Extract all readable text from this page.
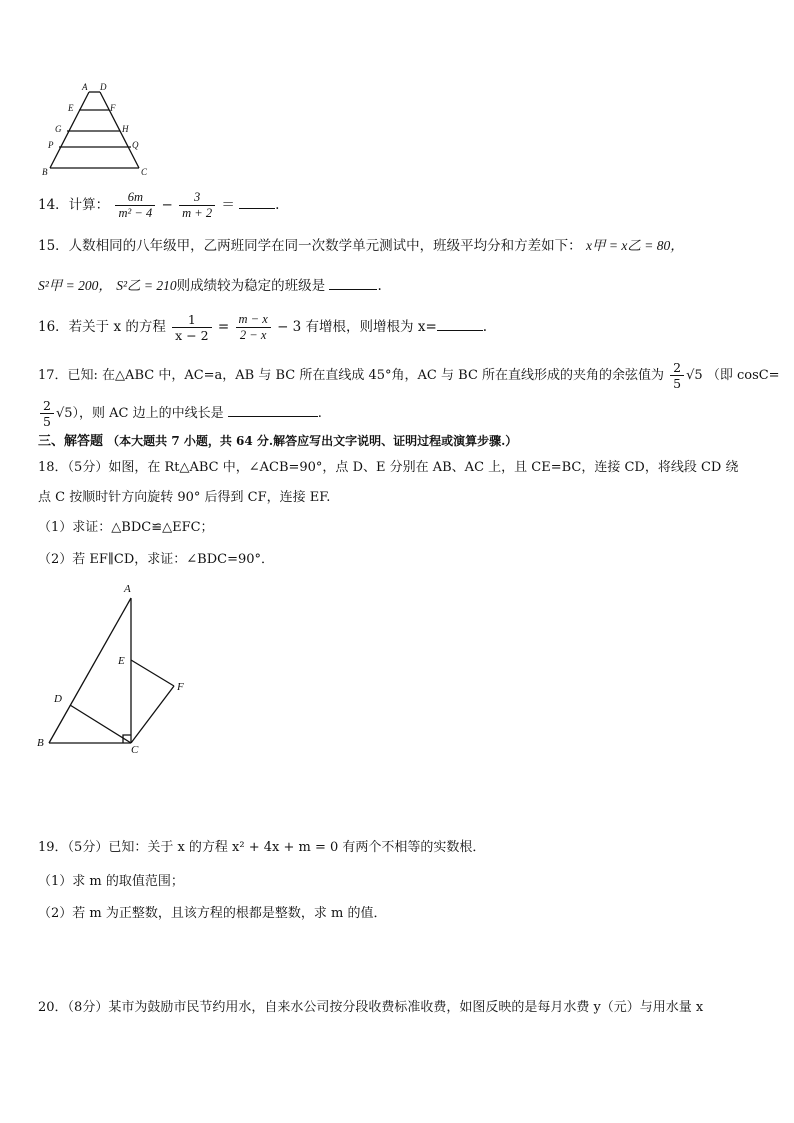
A D
E	F
G	H
P	Q
B	C
14．计算： $\frac{6m}{\text{m² − 4}} - \frac{3}{m + 2}$ ＝	.
15．人数相同的八年级甲，乙两班同学在同一次数学单元测试中，班级平均分和方差如下： x甲 = x乙 = 80，
S²甲 = 200， S²乙 = 210则成绩较为稳定的班级是	.
16．若关于 x 的方程 $\frac{1}{x - 2} = \frac{m - x}{2 - x} - 3$ 有增根，则增根为 x=	.
17．已知: 在△ABC 中，AC=a，AB 与 BC 所在直线成 45°角，AC 与 BC 所在直线形成的夹角的余弦值为 $\frac{2}{5} √5$ （即 cosC=
$\frac{2}{5} √5$），则 AC 边上的中线长是	.
三、解答题 （本大题共 7 小题，共 64 分.解答应写出文字说明、证明过程或演算步骤.）
18．（5分）如图，在 Rt△ABC 中，∠ACB=90°，点 D、E 分别在 AB、AC 上，且 CE=BC，连接 CD，将线段 CD 绕
点 C 按顺时针方向旋转 90° 后得到 CF，连接 EF.
（1）求证：△BDC≌△EFC；
（2）若 EF∥CD，求证：∠BDC=90°．
A
E
F
D
B
C
19．（5分）已知：关于 x 的方程 x² + 4x + m = 0 有两个不相等的实数根．
（1）求 m 的取值范围；
（2）若 m 为正整数，且该方程的根都是整数，求 m 的值．
20．（8分）某市为鼓励市民节约用水，自来水公司按分段收费标准收费，如图反映的是每月水费 y（元）与用水量 x
